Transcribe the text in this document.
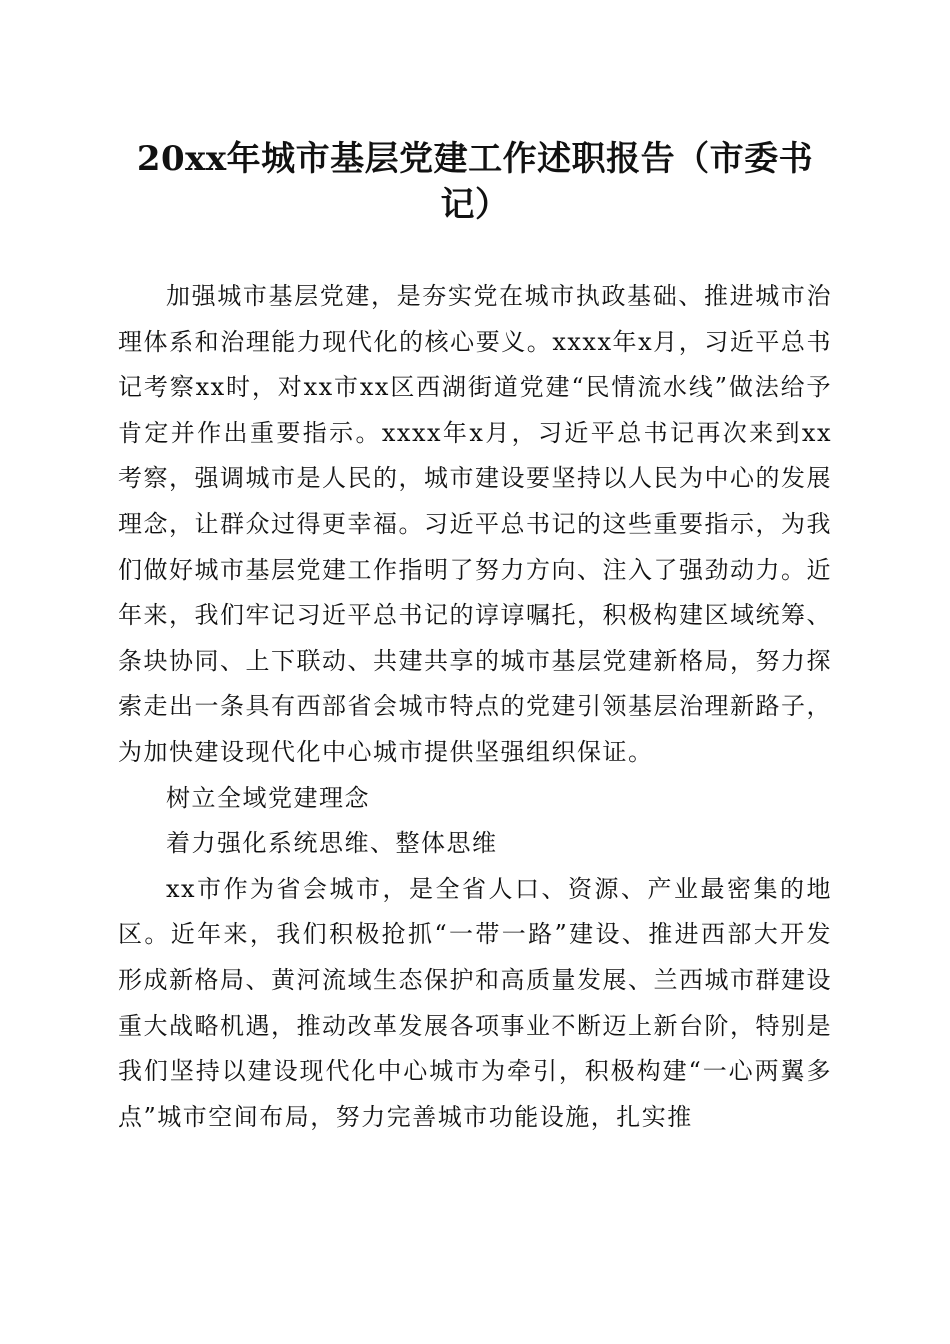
20xx年城市基层党建工作述职报告（市委书记）

加强城市基层党建，是夯实党在城市执政基础、推进城市治理体系和治理能力现代化的核心要义。xxxx年x月，习近平总书记考察xx时，对xx市xx区西湖街道党建“民情流水线”做法给予肯定并作出重要指示。xxxx年x月，习近平总书记再次来到xx考察，强调城市是人民的，城市建设要坚持以人民为中心的发展理念，让群众过得更幸福。习近平总书记的这些重要指示，为我们做好城市基层党建工作指明了努力方向、注入了强劲动力。近年来，我们牢记习近平总书记的谆谆嘱托，积极构建区域统筹、条块协同、上下联动、共建共享的城市基层党建新格局，努力探索走出一条具有西部省会城市特点的党建引领基层治理新路子，为加快建设现代化中心城市提供坚强组织保证。

树立全域党建理念

着力强化系统思维、整体思维

xx市作为省会城市，是全省人口、资源、产业最密集的地区。近年来，我们积极抢抓“一带一路”建设、推进西部大开发形成新格局、黄河流域生态保护和高质量发展、兰西城市群建设重大战略机遇，推动改革发展各项事业不断迈上新台阶，特别是我们坚持以建设现代化中心城市为牵引，积极构建“一心两翼多点”城市空间布局，努力完善城市功能设施，扎实推
